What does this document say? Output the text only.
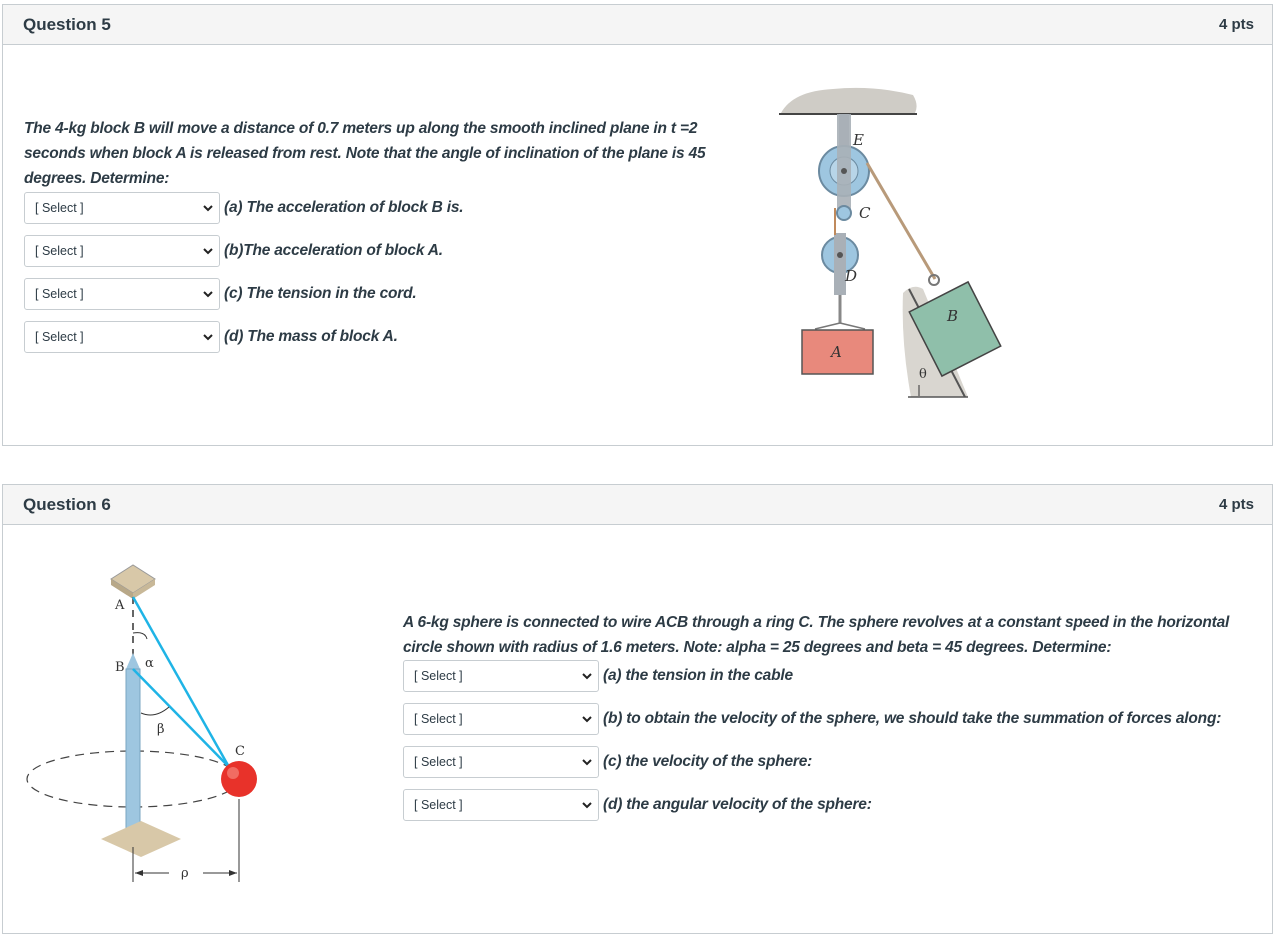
Question 5	4 pts
The 4-kg block B will move a distance of 0.7 meters up along the smooth inclined plane in t =2 seconds when block A is released from rest. Note that the angle of inclination of the plane is 45 degrees. Determine:
[ Select ]	(a) The acceleration of block B is.
[ Select ]	(b)The acceleration of block A.
[ Select ]	(c) The tension in the cord.
[ Select ]	(d) The mass of block A.
E
C
D
A
B
θ
Question 6	4 pts
A 6-kg sphere is connected to wire ACB through a ring C. The sphere revolves at a constant speed in the horizontal circle shown with radius of 1.6 meters. Note: alpha = 25 degrees and beta = 45 degrees. Determine:
[ Select ]	(a) the tension in the cable
[ Select ]	(b) to obtain the velocity of the sphere, we should take the summation of forces along:
[ Select ]	(c) the velocity of the sphere:
[ Select ]	(d) the angular velocity of the sphere:
A
B α
β
C
ρ
